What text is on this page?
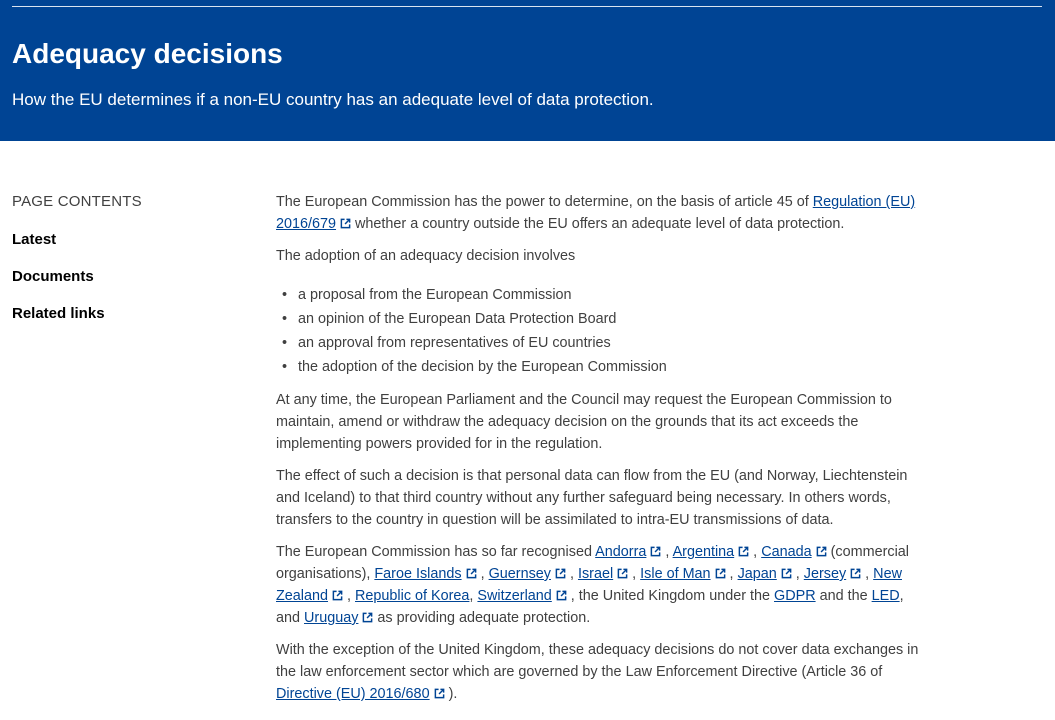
Adequacy decisions

How the EU determines if a non-EU country has an adequate level of data protection.

PAGE CONTENTS
Latest
Documents
Related links

The European Commission has the power to determine, on the basis of article 45 of Regulation (EU) 2016/679
whether a country outside the EU offers an adequate level of data protection.

The adoption of an adequacy decision involves

• a proposal from the European Commission
• an opinion of the European Data Protection Board
• an approval from representatives of EU countries
• the adoption of the decision by the European Commission

At any time, the European Parliament and the Council may request the European Commission to maintain, amend or withdraw the adequacy decision on the grounds that its act exceeds the implementing powers provided for in the regulation.

The effect of such a decision is that personal data can flow from the EU (and Norway, Liechtenstein and Iceland) to that third country without any further safeguard being necessary. In others words, transfers to the country in question will be assimilated to intra-EU transmissions of data.

The European Commission has so far recognised Andorra
, Argentina
, Canada
(commercial organisations), Faroe Islands
, Guernsey
, Israel
, Isle of Man
, Japan
, Jersey
, New Zealand
, Republic of Korea, Switzerland
, the United Kingdom under the GDPR and the LED, and Uruguay
as providing adequate protection.

With the exception of the United Kingdom, these adequacy decisions do not cover data exchanges in the law enforcement sector which are governed by the Law Enforcement Directive (Article 36 of Directive (EU) 2016/680
).
